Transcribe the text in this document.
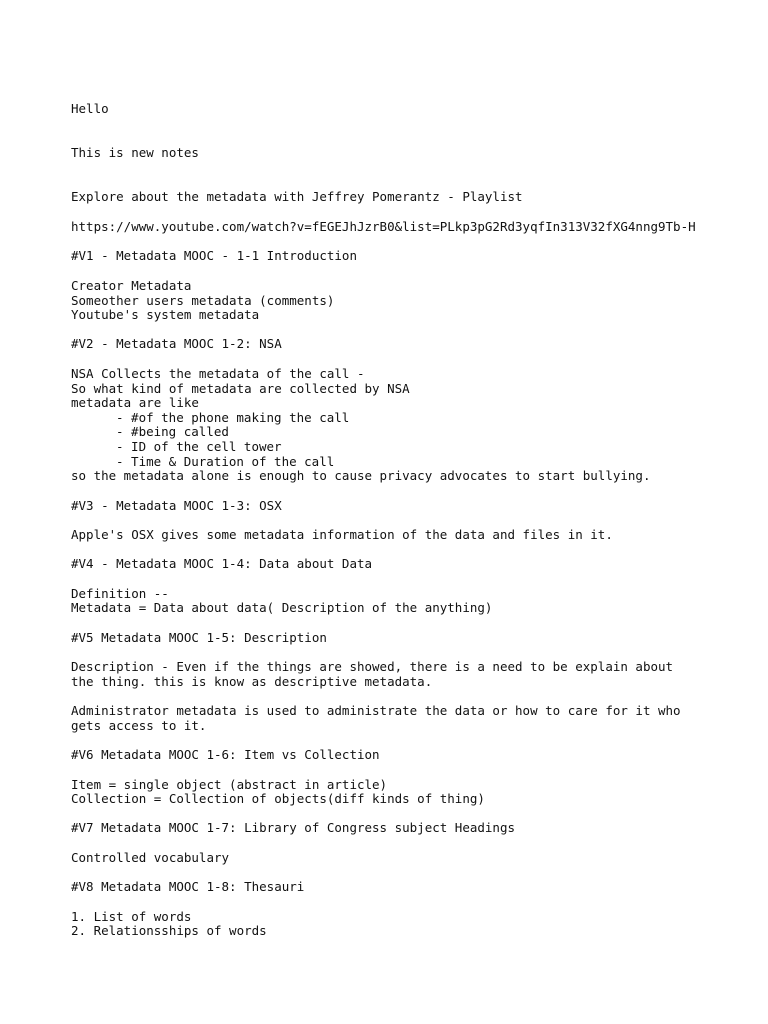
Hello
This is new notes
Explore about the metadata with Jeffrey Pomerantz - Playlist
https://www.youtube.com/watch?v=fEGEJhJzrB0&list=PLkp3pG2Rd3yqfIn313V32fXG4nng9Tb-H
#V1 - Metadata MOOC - 1-1 Introduction
Creator Metadata
Someother users metadata (comments)
Youtube's system metadata
#V2 - Metadata MOOC 1-2: NSA
NSA Collects the metadata of the call -
So what kind of metadata are collected by NSA
metadata are like
- #of the phone making the call
- #being called
- ID of the cell tower
- Time & Duration of the call
so the metadata alone is enough to cause privacy advocates to start bullying.
#V3 - Metadata MOOC 1-3: OSX
Apple's OSX gives some metadata information of the data and files in it.
#V4 - Metadata MOOC 1-4: Data about Data
Definition --
Metadata = Data about data( Description of the anything)
#V5 Metadata MOOC 1-5: Description
Description - Even if the things are showed, there is a need to be explain about
the thing. this is know as descriptive metadata.
Administrator metadata is used to administrate the data or how to care for it who
gets access to it.
#V6 Metadata MOOC 1-6: Item vs Collection
Item = single object (abstract in article)
Collection = Collection of objects(diff kinds of thing)
#V7 Metadata MOOC 1-7: Library of Congress subject Headings
Controlled vocabulary
#V8 Metadata MOOC 1-8: Thesauri
1. List of words
2. Relationsships of words
